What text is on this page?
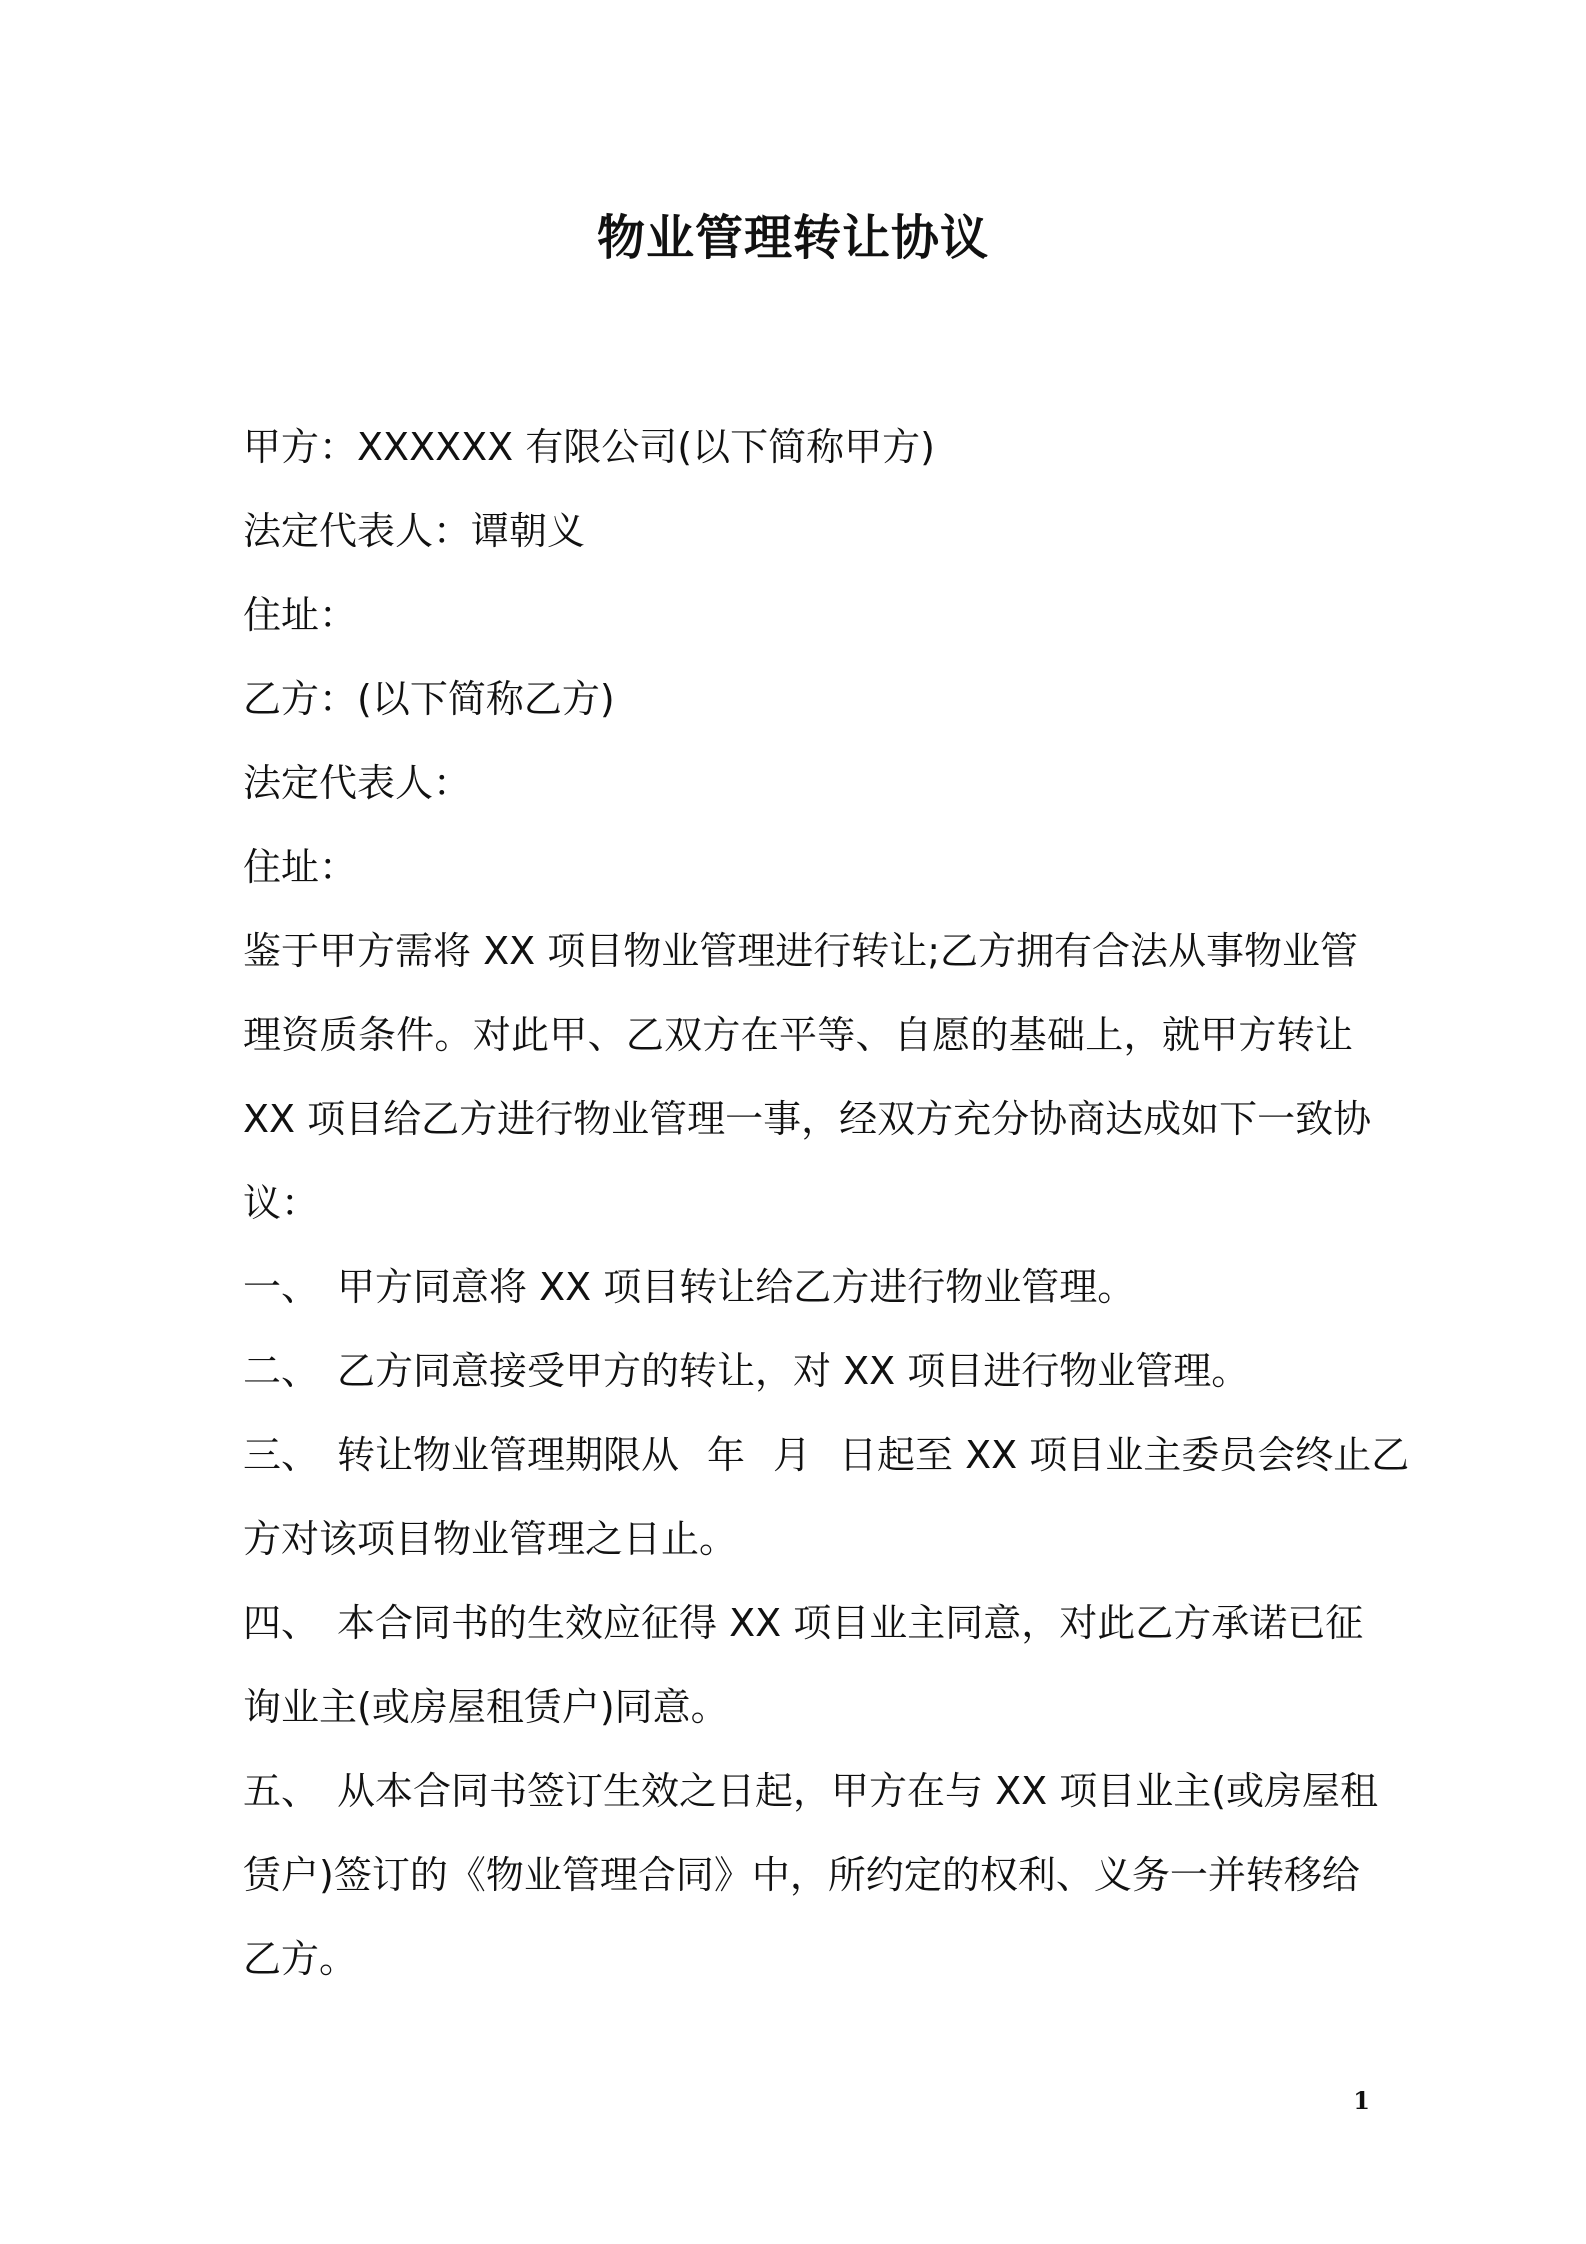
物业管理转让协议
甲方：XXXXXX 有限公司(以下简称甲方)
法定代表人：谭朝义
住址：
乙方：(以下简称乙方)
法定代表人：
住址：
鉴于甲方需将 XX 项目物业管理进行转让;乙方拥有合法从事物业管
理资质条件。对此甲、乙双方在平等、自愿的基础上，就甲方转让
XX 项目给乙方进行物业管理一事，经双方充分协商达成如下一致协
议：
一、 甲方同意将 XX 项目转让给乙方进行物业管理。
二、 乙方同意接受甲方的转让，对 XX 项目进行物业管理。
三、 转让物业管理期限从 年 月 日起至 XX 项目业主委员会终止乙
方对该项目物业管理之日止。
四、 本合同书的生效应征得 XX 项目业主同意，对此乙方承诺已征
询业主(或房屋租赁户)同意。
五、 从本合同书签订生效之日起，甲方在与 XX 项目业主(或房屋租
赁户)签订的《物业管理合同》中，所约定的权利、义务一并转移给
乙方。
1
